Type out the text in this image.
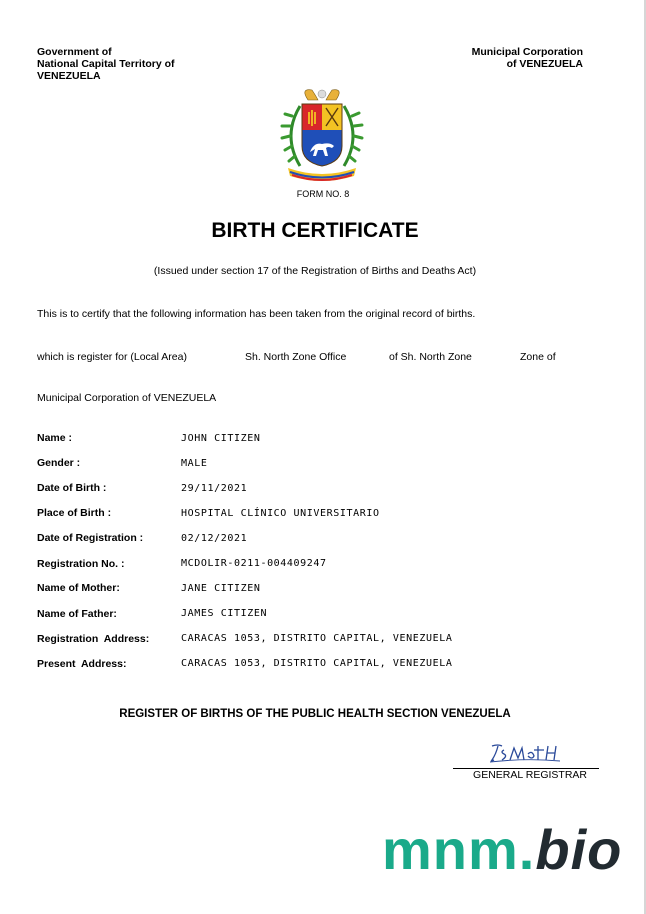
Government of
National Capital Territory of
VENEZUELA
Municipal Corporation
of VENEZUELA
FORM NO. 8
BIRTH CERTIFICATE
(Issued under section 17 of the Registration of Births and Deaths Act)
This is to certify that the following information has been taken from the original record of births.
which is register for (Local Area)	Sh. North Zone Office	of Sh. North Zone	Zone of
Municipal Corporation of VENEZUELA
Name :	JOHN CITIZEN
Gender :	MALE
Date of Birth :	29/11/2021
Place of Birth :	HOSPITAL CLÍNICO UNIVERSITARIO
Date of Registration :	02/12/2021
Registration No. :	MCDOLIR-0211-004409247
Name of Mother:	JANE CITIZEN
Name of Father:	JAMES CITIZEN
Registration  Address:	CARACAS 1053, DISTRITO CAPITAL, VENEZUELA
Present  Address:	CARACAS 1053, DISTRITO CAPITAL, VENEZUELA
REGISTER OF BIRTHS OF THE PUBLIC HEALTH SECTION VENEZUELA
GENERAL REGISTRAR
mnm.bio
